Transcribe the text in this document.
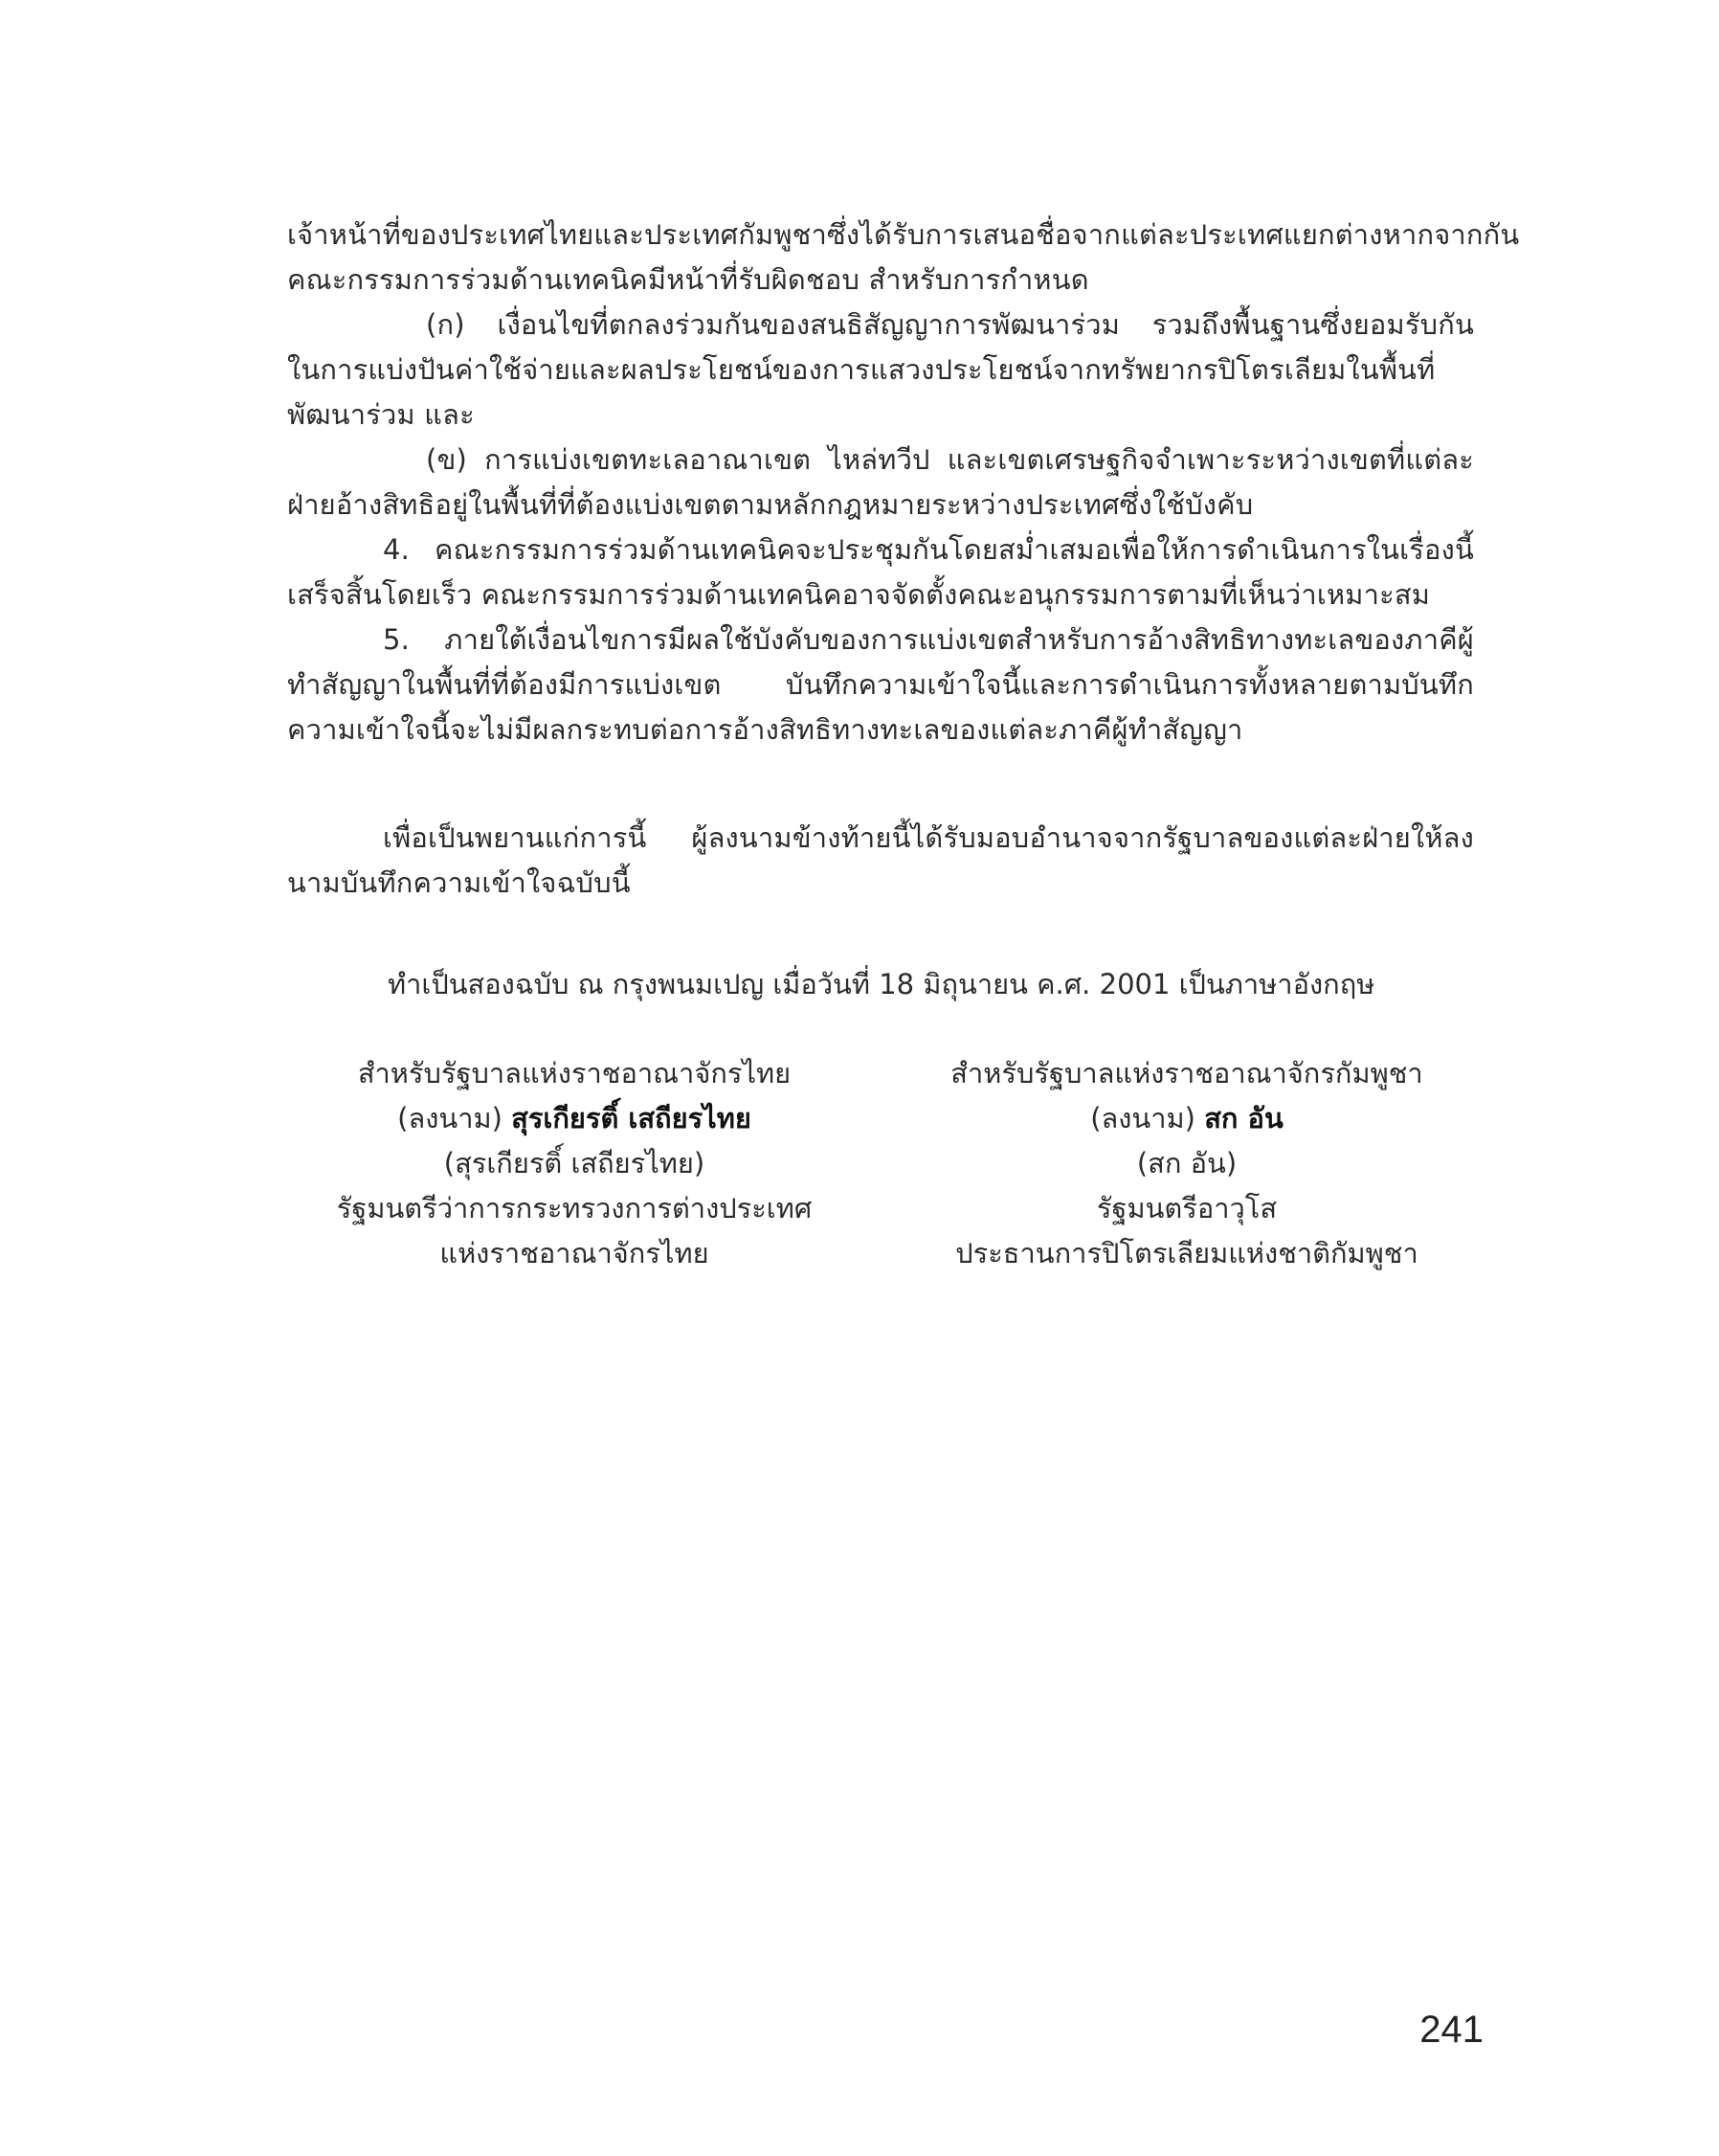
เจ้าหน้าที่ของประเทศไทยและประเทศกัมพูชาซึ่งได้รับการเสนอชื่อจากแต่ละประเทศแยกต่างหากจากกัน
คณะกรรมการร่วมด้านเทคนิคมีหน้าที่รับผิดชอบ สำหรับการกำหนด

(ก) เงื่อนไขที่ตกลงร่วมกันของสนธิสัญญาการพัฒนาร่วม รวมถึงพื้นฐานซึ่งยอมรับกัน
ในการแบ่งปันค่าใช้จ่ายและผลประโยชน์ของการแสวงประโยชน์จากทรัพยากรปิโตรเลียมในพื้นที่
พัฒนาร่วม และ

(ข) การแบ่งเขตทะเลอาณาเขต ไหล่ทวีป และเขตเศรษฐกิจจำเพาะระหว่างเขตที่แต่ละ
ฝ่ายอ้างสิทธิอยู่ในพื้นที่ที่ต้องแบ่งเขตตามหลักกฎหมายระหว่างประเทศซึ่งใช้บังคับ

4. คณะกรรมการร่วมด้านเทคนิคจะประชุมกันโดยสม่ำเสมอเพื่อให้การดำเนินการในเรื่องนี้
เสร็จสิ้นโดยเร็ว คณะกรรมการร่วมด้านเทคนิคอาจจัดตั้งคณะอนุกรรมการตามที่เห็นว่าเหมาะสม

5. ภายใต้เงื่อนไขการมีผลใช้บังคับของการแบ่งเขตสำหรับการอ้างสิทธิทางทะเลของภาคีผู้
ทำสัญญาในพื้นที่ที่ต้องมีการแบ่งเขต บันทึกความเข้าใจนี้และการดำเนินการทั้งหลายตามบันทึก
ความเข้าใจนี้จะไม่มีผลกระทบต่อการอ้างสิทธิทางทะเลของแต่ละภาคีผู้ทำสัญญา

เพื่อเป็นพยานแก่การนี้ ผู้ลงนามข้างท้ายนี้ได้รับมอบอำนาจจากรัฐบาลของแต่ละฝ่ายให้ลง
นามบันทึกความเข้าใจฉบับนี้
ทำเป็นสองฉบับ ณ กรุงพนมเปญ เมื่อวันที่ 18 มิถุนายน ค.ศ. 2001 เป็นภาษาอังกฤษ
สำหรับรัฐบาลแห่งราชอาณาจักรไทย
(ลงนาม) สุรเกียรติ์ เสถียรไทย
(สุรเกียรติ์ เสถียรไทย)
รัฐมนตรีว่าการกระทรวงการต่างประเทศ
แห่งราชอาณาจักรไทย
สำหรับรัฐบาลแห่งราชอาณาจักรกัมพูชา
(ลงนาม) สก อัน
(สก อัน)
รัฐมนตรีอาวุโส
ประธานการปิโตรเลียมแห่งชาติกัมพูชา
241
